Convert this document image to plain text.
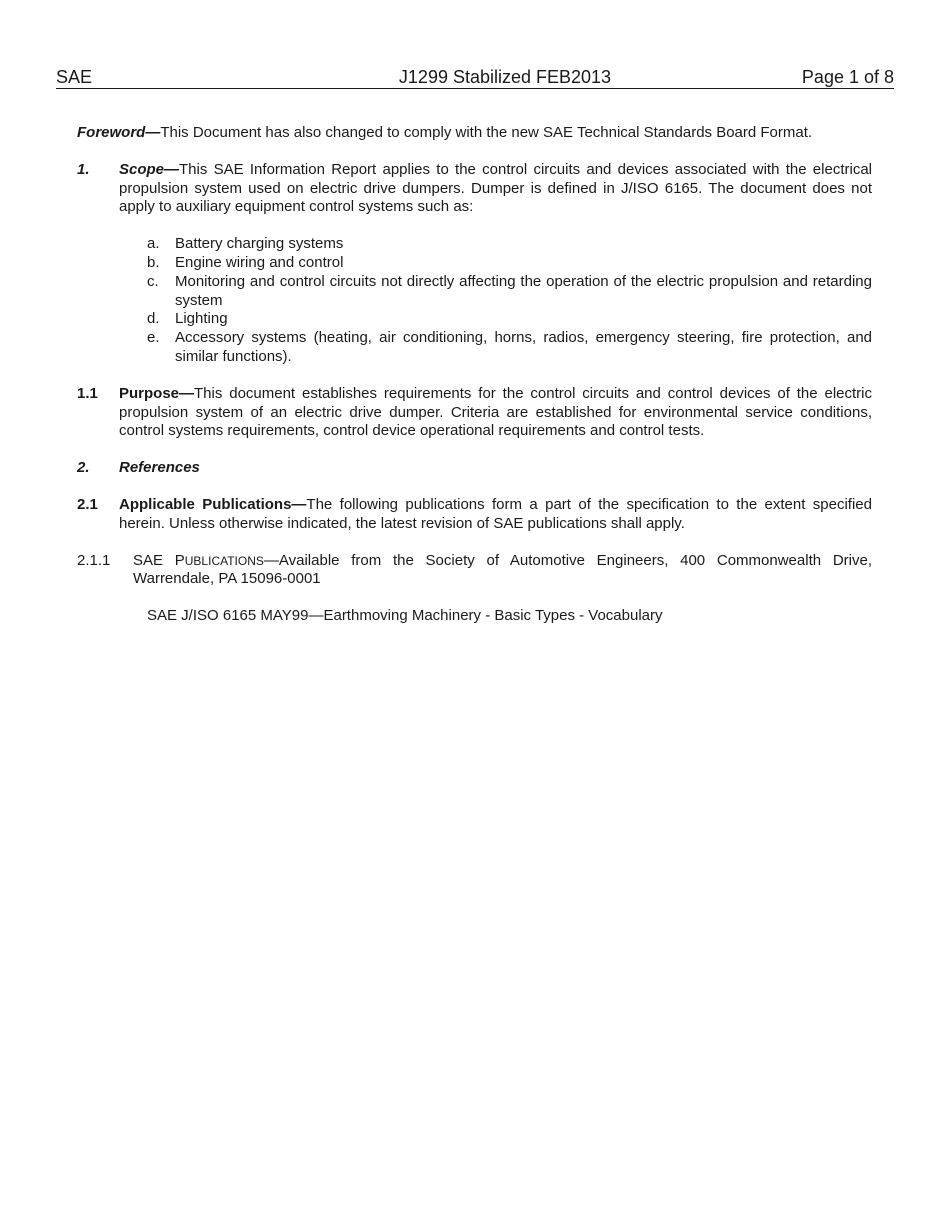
SAE	J1299 Stabilized FEB2013	Page 1 of 8

Foreword—This Document has also changed to comply with the new SAE Technical Standards Board Format.

1. Scope—This SAE Information Report applies to the control circuits and devices associated with the electrical propulsion system used on electric drive dumpers. Dumper is defined in J/ISO 6165. The document does not apply to auxiliary equipment control systems such as:
a. Battery charging systems
b. Engine wiring and control
c. Monitoring and control circuits not directly affecting the operation of the electric propulsion and retarding system
d. Lighting
e. Accessory systems (heating, air conditioning, horns, radios, emergency steering, fire protection, and similar functions).
1.1 Purpose—This document establishes requirements for the control circuits and control devices of the electric propulsion system of an electric drive dumper. Criteria are established for environmental service conditions, control systems requirements, control device operational requirements and control tests.
2. References
2.1 Applicable Publications—The following publications form a part of the specification to the extent specified herein. Unless otherwise indicated, the latest revision of SAE publications shall apply.
2.1.1 SAE PUBLICATIONS—Available from the Society of Automotive Engineers, 400 Commonwealth Drive, Warrendale, PA 15096-0001

SAE J/ISO 6165 MAY99—Earthmoving Machinery - Basic Types - Vocabulary
